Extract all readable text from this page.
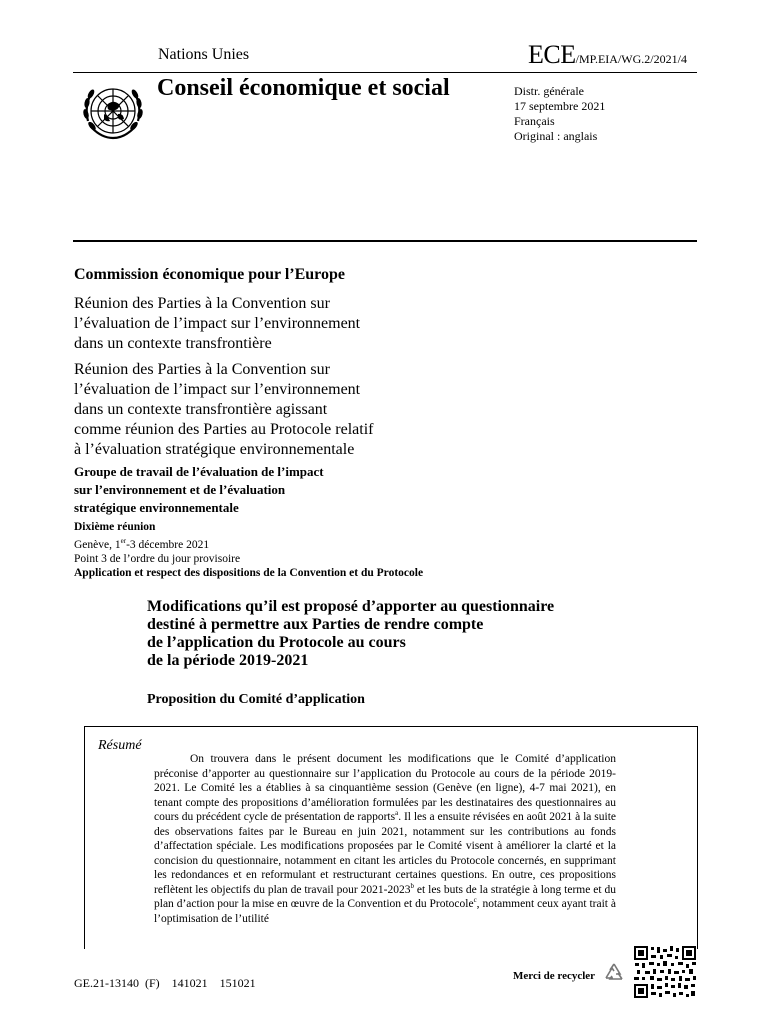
Nations Unies	ECE/MP.EIA/WG.2/2021/4
Conseil économique et social	Distr. générale
17 septembre 2021
Français
Original : anglais
Commission économique pour l’Europe
Réunion des Parties à la Convention sur
l’évaluation de l’impact sur l’environnement
dans un contexte transfrontière
Réunion des Parties à la Convention sur
l’évaluation de l’impact sur l’environnement
dans un contexte transfrontière agissant
comme réunion des Parties au Protocole relatif
à l’évaluation stratégique environnementale
Groupe de travail de l’évaluation de l’impact
sur l’environnement et de l’évaluation
stratégique environnementale
Dixième réunion
Genève, 1er-3 décembre 2021
Point 3 de l’ordre du jour provisoire
Application et respect des dispositions de la Convention et du Protocole
Modifications qu’il est proposé d’apporter au questionnaire
destiné à permettre aux Parties de rendre compte
de l’application du Protocole au cours
de la période 2019-2021
Proposition du Comité d’application
Résumé
On trouvera dans le présent document les modifications que le Comité d’application préconise d’apporter au questionnaire sur l’application du Protocole au cours de la période 2019-2021. Le Comité les a établies à sa cinquantième session (Genève (en ligne), 4-7 mai 2021), en tenant compte des propositions d’amélioration formulées par les destinataires des questionnaires au cours du précédent cycle de présentation de rapports$^a$. Il les a ensuite révisées en août 2021 à la suite des observations faites par le Bureau en juin 2021, notamment sur les contributions au fonds d’affectation spéciale. Les modifications proposées par le Comité visent à améliorer la clarté et la concision du questionnaire, notamment en citant les articles du Protocole concernés, en supprimant les redondances et en reformulant et restructurant certaines questions. En outre, ces propositions reflètent les objectifs du plan de travail pour 2021-2023$^b$ et les buts de la stratégie à long terme et du plan d’action pour la mise en œuvre de la Convention et du Protocole$^c$, notamment ceux ayant trait à l’optimisation de l’utilité
GE.21-13140  (F)    141021    151021	Merci de recycler
